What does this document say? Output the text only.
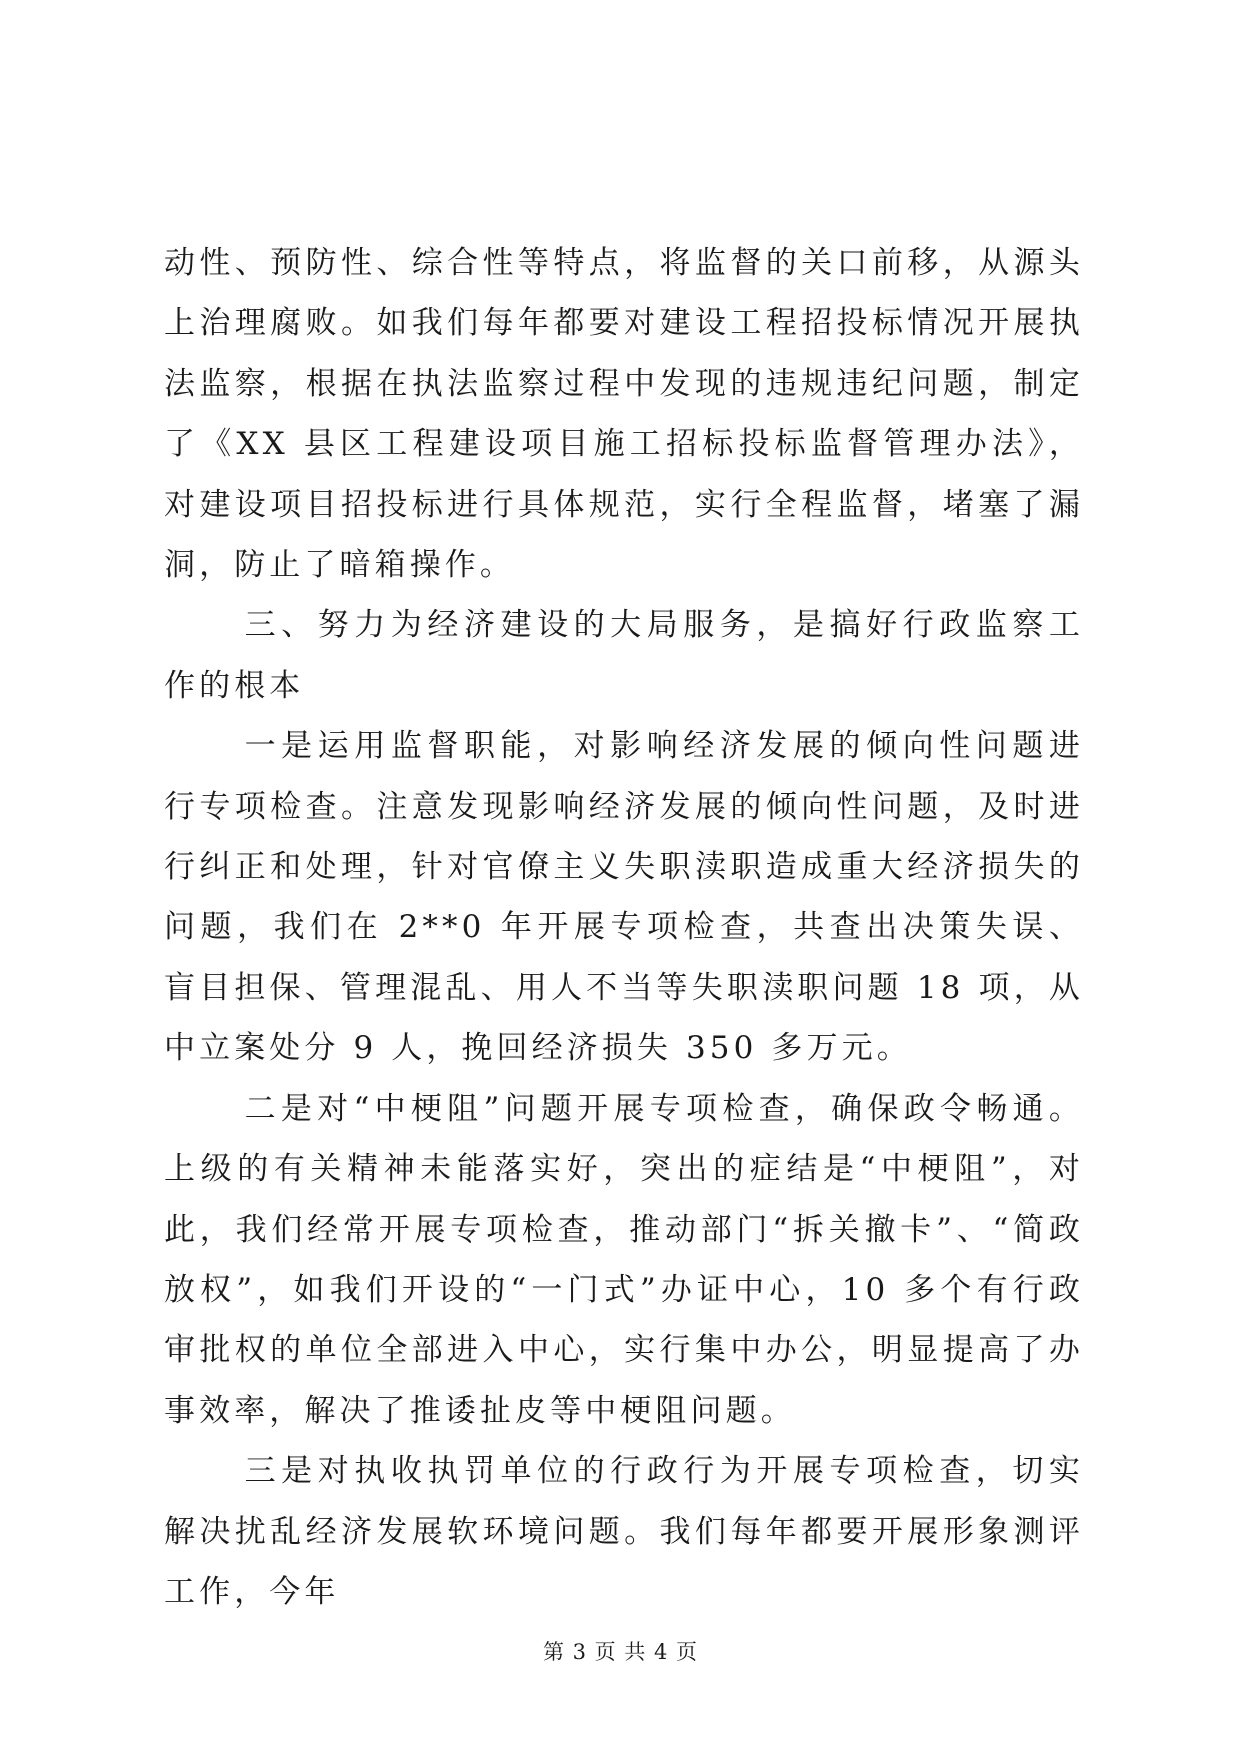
动性、预防性、综合性等特点，将监督的关口前移，从源头上治理腐败。如我们每年都要对建设工程招投标情况开展执法监察，根据在执法监察过程中发现的违规违纪问题，制定了《XX 县区工程建设项目施工招标投标监督管理办法》，对建设项目招投标进行具体规范，实行全程监督，堵塞了漏洞，防止了暗箱操作。

三、努力为经济建设的大局服务，是搞好行政监察工作的根本

一是运用监督职能，对影响经济发展的倾向性问题进行专项检查。注意发现影响经济发展的倾向性问题，及时进行纠正和处理，针对官僚主义失职渎职造成重大经济损失的问题，我们在 2**0 年开展专项检查，共查出决策失误、盲目担保、管理混乱、用人不当等失职渎职问题 18 项，从中立案处分 9 人，挽回经济损失 350 多万元。

二是对“中梗阻”问题开展专项检查，确保政令畅通。上级的有关精神未能落实好，突出的症结是“中梗阻”，对此，我们经常开展专项检查，推动部门“拆关撤卡”、“简政放权”，如我们开设的“一门式”办证中心，10 多个有行政审批权的单位全部进入中心，实行集中办公，明显提高了办事效率，解决了推诿扯皮等中梗阻问题。

三是对执收执罚单位的行政行为开展专项检查，切实解决扰乱经济发展软环境问题。我们每年都要开展形象测评工作，今年

第 3 页 共 4 页
